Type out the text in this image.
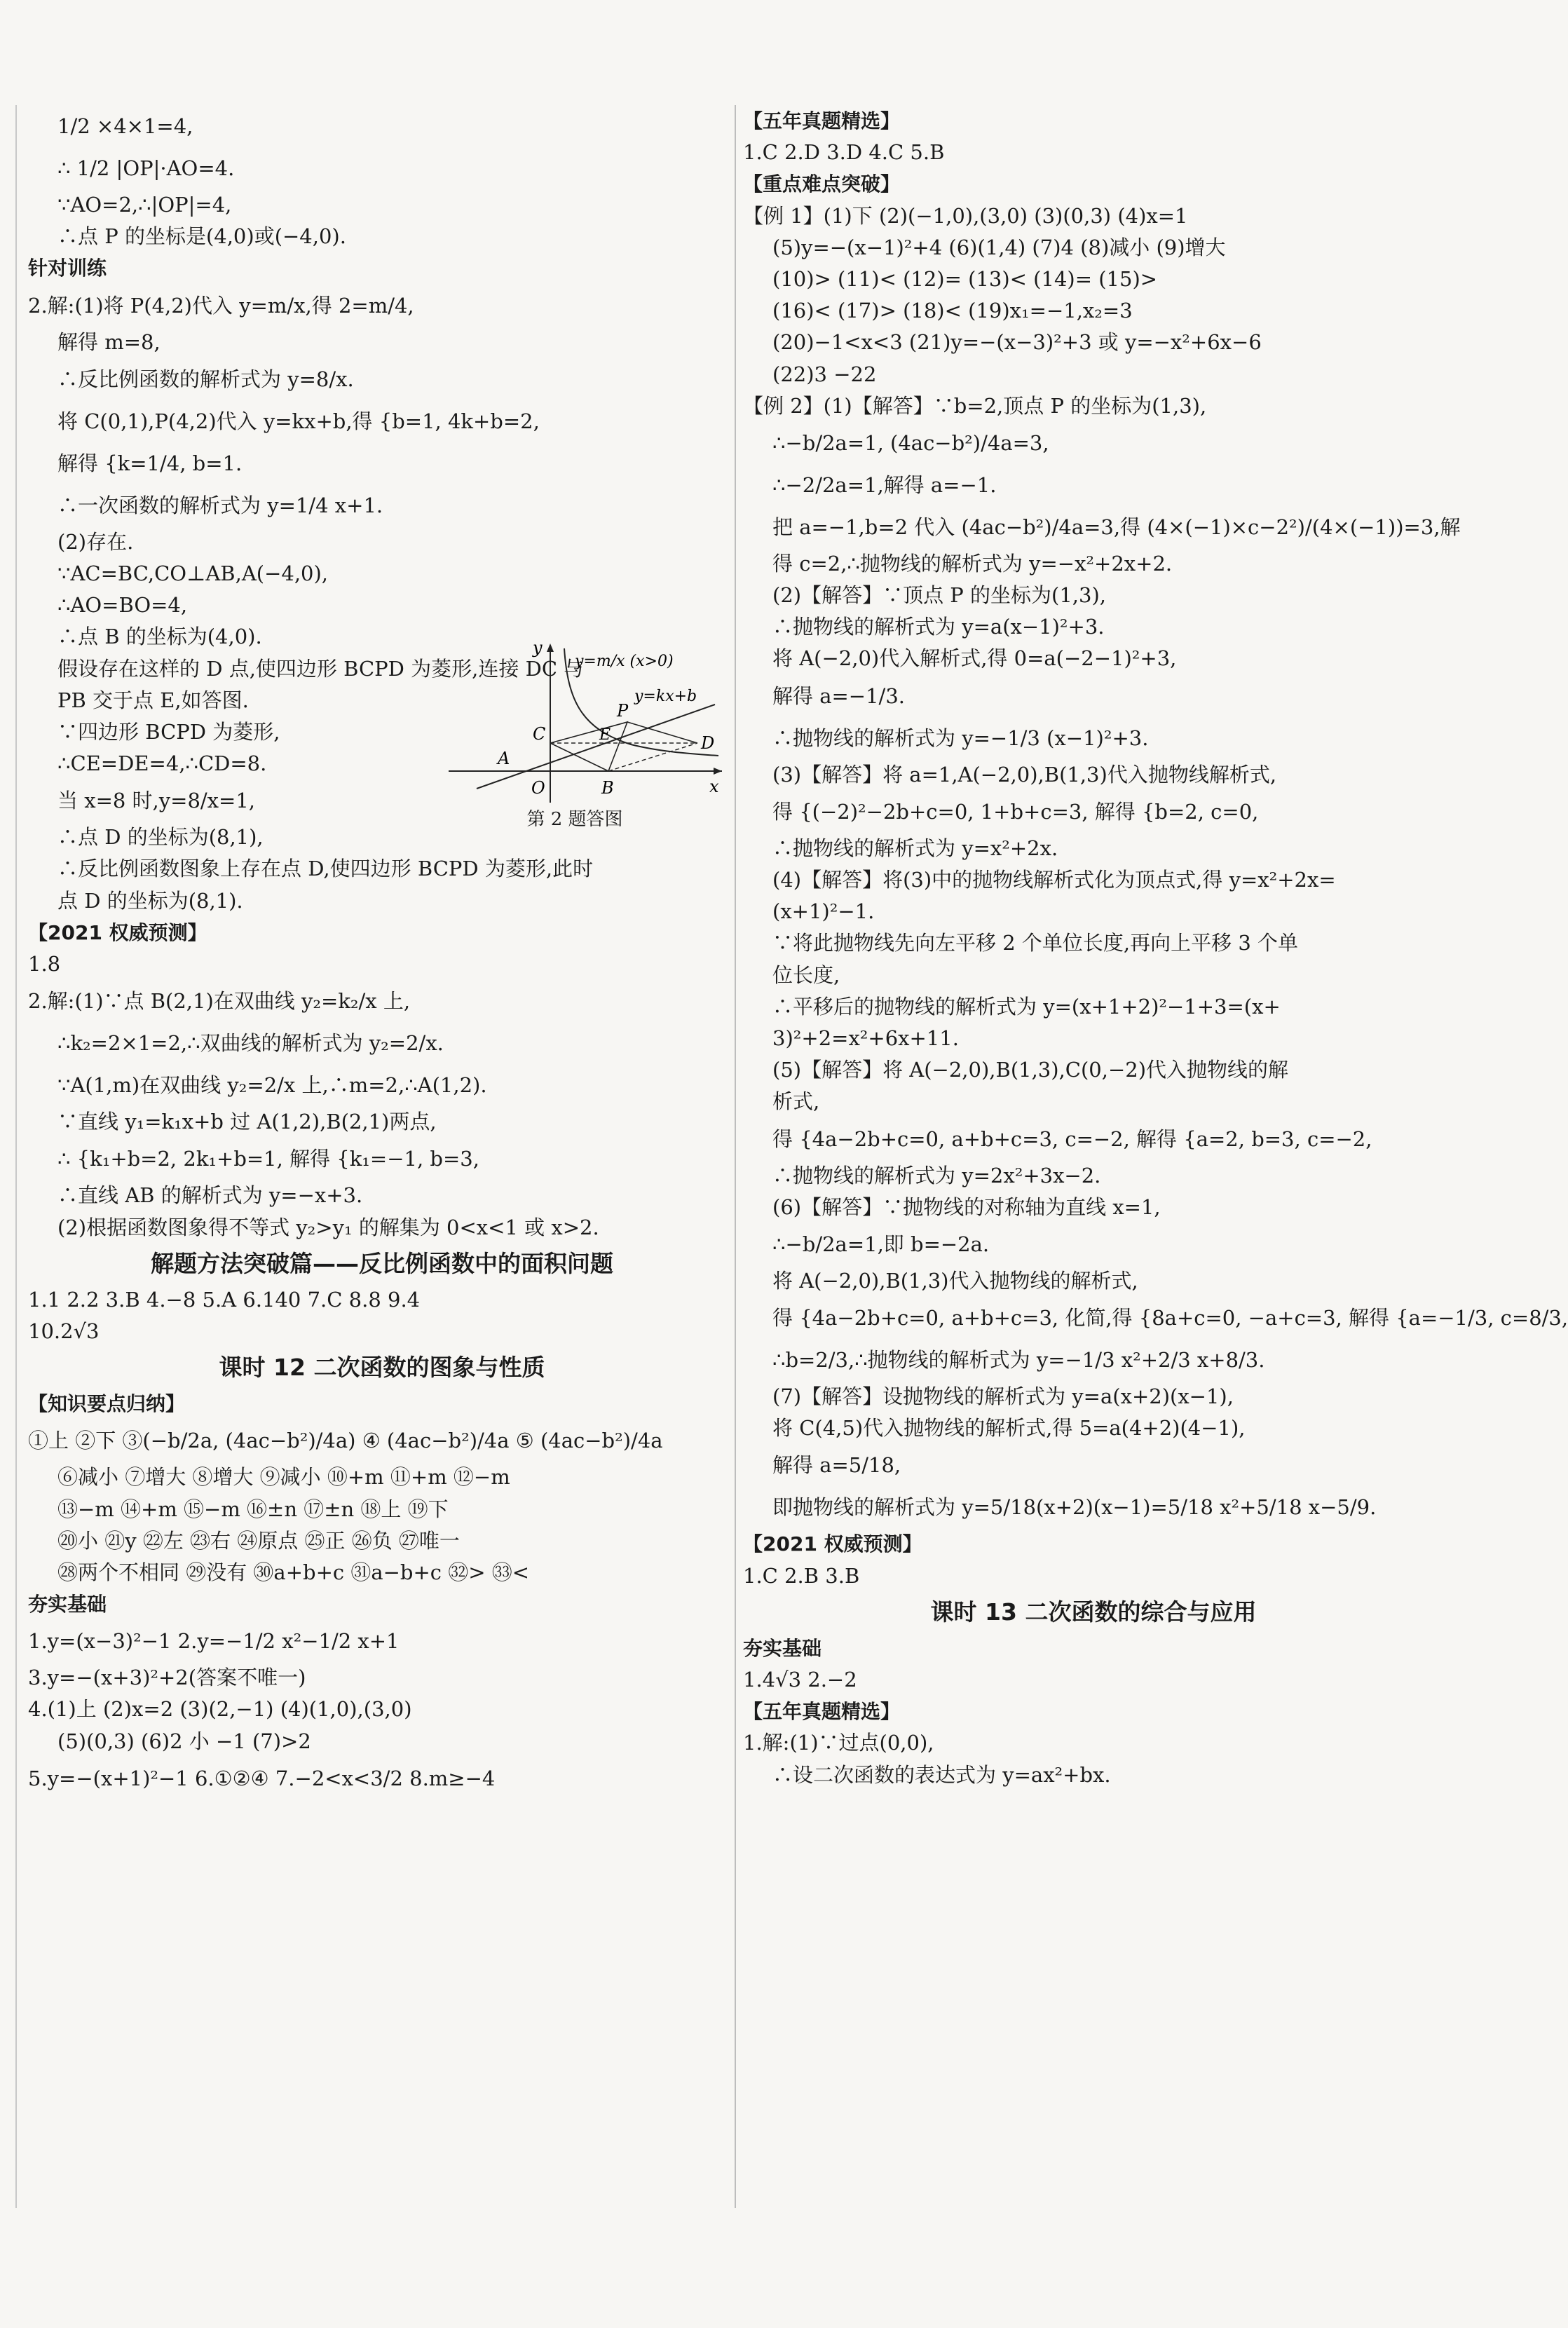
1/2 ×4×1=4,
∴ 1/2 |OP|·AO=4.
∵AO=2,∴|OP|=4,
∴点 P 的坐标是(4,0)或(−4,0).
针对训练
2.解:(1)将 P(4,2)代入 y=m/x,得 2=m/4,
解得 m=8,
∴反比例函数的解析式为 y=8/x.
将 C(0,1),P(4,2)代入 y=kx+b,得 {b=1, 4k+b=2,
解得 {k=1/4, b=1.
∴一次函数的解析式为 y=1/4 x+1.
(2)存在.
∵AC=BC,CO⊥AB,A(−4,0),
∴AO=BO=4,
∴点 B 的坐标为(4,0).
假设存在这样的 D 点,使四边形 BCPD 为菱形,连接 DC 与
PB 交于点 E,如答图.
∵四边形 BCPD 为菱形,
∴CE=DE=4,∴CD=8.
当 x=8 时,y=8/x=1,
∴点 D 的坐标为(8,1),
∴反比例函数图象上存在点 D,使四边形 BCPD 为菱形,此时
点 D 的坐标为(8,1).
【2021 权威预测】
1.8
2.解:(1)∵点 B(2,1)在双曲线 y₂=k₂/x 上,
∴k₂=2×1=2,∴双曲线的解析式为 y₂=2/x.
∵A(1,m)在双曲线 y₂=2/x 上,∴m=2,∴A(1,2).
∵直线 y₁=k₁x+b 过 A(1,2),B(2,1)两点,
∴ {k₁+b=2, 2k₁+b=1, 解得 {k₁=−1, b=3,
∴直线 AB 的解析式为 y=−x+3.
(2)根据函数图象得不等式 y₂>y₁ 的解集为 0<x<1 或 x>2.
解题方法突破篇——反比例函数中的面积问题
1.1 2.2 3.B 4.−8 5.A 6.140 7.C 8.8 9.4
10.2√3
课时 12 二次函数的图象与性质
【知识要点归纳】
①上 ②下 ③(−b/2a, (4ac−b²)/4a) ④ (4ac−b²)/4a ⑤ (4ac−b²)/4a
⑥减小 ⑦增大 ⑧增大 ⑨减小 ⑩+m ⑪+m ⑫−m
⑬−m ⑭+m ⑮−m ⑯±n ⑰±n ⑱上 ⑲下
⑳小 ㉑y ㉒左 ㉓右 ㉔原点 ㉕正 ㉖负 ㉗唯一
㉘两个不相同 ㉙没有 ㉚a+b+c ㉛a−b+c ㉜> ㉝<
夯实基础
1.y=(x−3)²−1 2.y=−1/2 x²−1/2 x+1
3.y=−(x+3)²+2(答案不唯一)
4.(1)上 (2)x=2 (3)(2,−1) (4)(1,0),(3,0)
(5)(0,3) (6)2 小 −1 (7)>2
5.y=−(x+1)²−1 6.①②④ 7.−2<x<3/2 8.m≥−4
【五年真题精选】
1.C 2.D 3.D 4.C 5.B
【重点难点突破】
【例 1】(1)下 (2)(−1,0),(3,0) (3)(0,3) (4)x=1
(5)y=−(x−1)²+4 (6)(1,4) (7)4 (8)减小 (9)增大
(10)> (11)< (12)= (13)< (14)= (15)>
(16)< (17)> (18)< (19)x₁=−1,x₂=3
(20)−1<x<3 (21)y=−(x−3)²+3 或 y=−x²+6x−6
(22)3 −22
【例 2】(1)【解答】∵b=2,顶点 P 的坐标为(1,3),
∴−b/2a=1, (4ac−b²)/4a=3,
∴−2/2a=1,解得 a=−1.
把 a=−1,b=2 代入 (4ac−b²)/4a=3,得 (4×(−1)×c−2²)/(4×(−1))=3,解
得 c=2,∴抛物线的解析式为 y=−x²+2x+2.
(2)【解答】∵顶点 P 的坐标为(1,3),
∴抛物线的解析式为 y=a(x−1)²+3.
将 A(−2,0)代入解析式,得 0=a(−2−1)²+3,
解得 a=−1/3.
∴抛物线的解析式为 y=−1/3 (x−1)²+3.
(3)【解答】将 a=1,A(−2,0),B(1,3)代入抛物线解析式,
得 {(−2)²−2b+c=0, 1+b+c=3, 解得 {b=2, c=0,
∴抛物线的解析式为 y=x²+2x.
(4)【解答】将(3)中的抛物线解析式化为顶点式,得 y=x²+2x=
(x+1)²−1.
∵将此抛物线先向左平移 2 个单位长度,再向上平移 3 个单
位长度,
∴平移后的抛物线的解析式为 y=(x+1+2)²−1+3=(x+
3)²+2=x²+6x+11.
(5)【解答】将 A(−2,0),B(1,3),C(0,−2)代入抛物线的解
析式,
得 {4a−2b+c=0, a+b+c=3, c=−2, 解得 {a=2, b=3, c=−2,
∴抛物线的解析式为 y=2x²+3x−2.
(6)【解答】∵抛物线的对称轴为直线 x=1,
∴−b/2a=1,即 b=−2a.
将 A(−2,0),B(1,3)代入抛物线的解析式,
得 {4a−2b+c=0, a+b+c=3, 化简,得 {8a+c=0, −a+c=3, 解得 {a=−1/3, c=8/3,
∴b=2/3,∴抛物线的解析式为 y=−1/3 x²+2/3 x+8/3.
(7)【解答】设抛物线的解析式为 y=a(x+2)(x−1),
将 C(4,5)代入抛物线的解析式,得 5=a(4+2)(4−1),
解得 a=5/18,
即抛物线的解析式为 y=5/18(x+2)(x−1)=5/18 x²+5/18 x−5/9.
【2021 权威预测】
1.C 2.B 3.B
课时 13 二次函数的综合与应用
夯实基础
1.4√3 2.−2
【五年真题精选】
1.解:(1)∵过点(0,0),
∴设二次函数的表达式为 y=ax²+bx.
y
x
y=m/x (x>0)
y=kx+b
A
C
O	B
P
E	D
第 2 题答图
